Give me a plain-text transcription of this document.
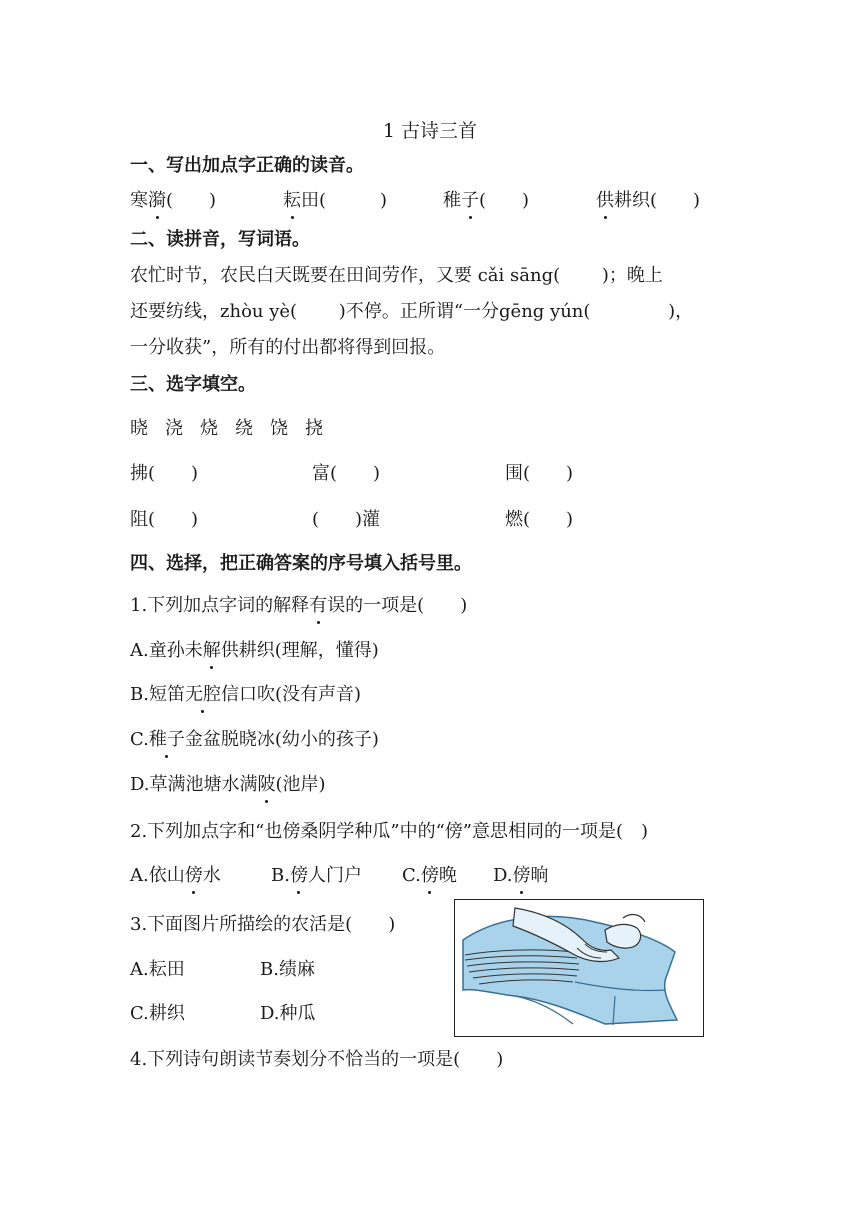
1 古诗三首
一、写出加点字正确的读音。
寒漪(　　)	耘田(　　　)	稚子(　　)	供耕织(　　)
二、读拼音，写词语。
农忙时节，农民白天既要在田间劳作，又要 cǎi sāng(　　 )；晚上
还要纺线，zhòu yè(　　 )不停。正所谓“一分gēng yún(　　　　 )，
一分收获”，所有的付出都将得到回报。
三、选字填空。
晓 浇 烧 绕 饶 挠
拂(　　)	富(　　)	围(　　)
阻(　　)	(　　)灌	燃(　　)
四、选择，把正确答案的序号填入括号里。
1.下列加点字词的解释有误的一项是(　　)
A.童孙未解供耕织(理解，懂得)
B.短笛无腔信口吹(没有声音)
C.稚子金盆脱晓冰(幼小的孩子)
D.草满池塘水满陂(池岸)
2.下列加点字和“也傍桑阴学种瓜”中的“傍”意思相同的一项是(　)
A.依山傍水	B.傍人门户 C.傍晚 D.傍晌
3.下面图片所描绘的农活是(　　)
A.耘田	B.绩麻
C.耕织	D.种瓜
4.下列诗句朗读节奏划分不恰当的一项是(　　)
